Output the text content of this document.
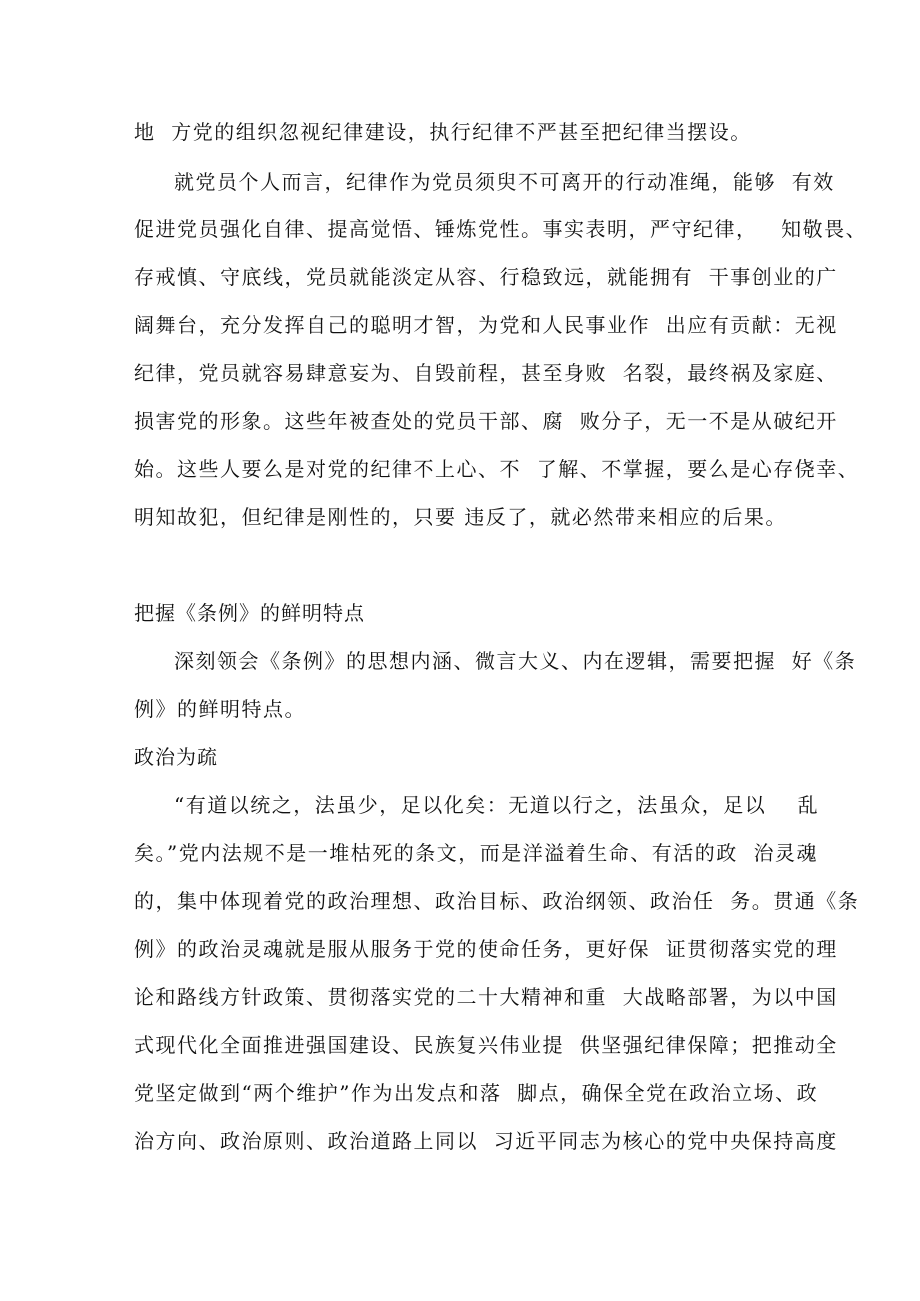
地  方党的组织忽视纪律建设，执行纪律不严甚至把纪律当摆设。
就党员个人而言，纪律作为党员须臾不可离开的行动准绳，能够  有效
促进党员强化自律、提高觉悟、锤炼党性。事实表明，严守纪律，   知敬畏、
存戒慎、守底线，党员就能淡定从容、行稳致远，就能拥有  干事创业的广
阔舞台，充分发挥自己的聪明才智，为党和人民事业作  出应有贡献：无视
纪律，党员就容易肆意妄为、自毁前程，甚至身败  名裂，最终祸及家庭、
损害党的形象。这些年被查处的党员干部、腐  败分子，无一不是从破纪开
始。这些人要么是对党的纪律不上心、不  了解、不掌握，要么是心存侥幸、
明知故犯，但纪律是刚性的，只要 违反了，就必然带来相应的后果。
把握《条例》的鲜明特点
深刻领会《条例》的思想内涵、微言大义、内在逻辑，需要把握  好《条
例》的鲜明特点。
政治为疏
“有道以统之，法虽少，足以化矣：无道以行之，法虽众，足以    乱
矣。”党内法规不是一堆枯死的条文，而是洋溢着生命、有活的政  治灵魂
的，集中体现着党的政治理想、政治目标、政治纲领、政治任  务。贯通《条
例》的政治灵魂就是服从服务于党的使命任务，更好保  证贯彻落实党的理
论和路线方针政策、贯彻落实党的二十大精神和重  大战略部署，为以中国
式现代化全面推进强国建设、民族复兴伟业提  供坚强纪律保障；把推动全
党坚定做到“两个维护”作为出发点和落  脚点，确保全党在政治立场、政
治方向、政治原则、政治道路上同以  习近平同志为核心的党中央保持高度
